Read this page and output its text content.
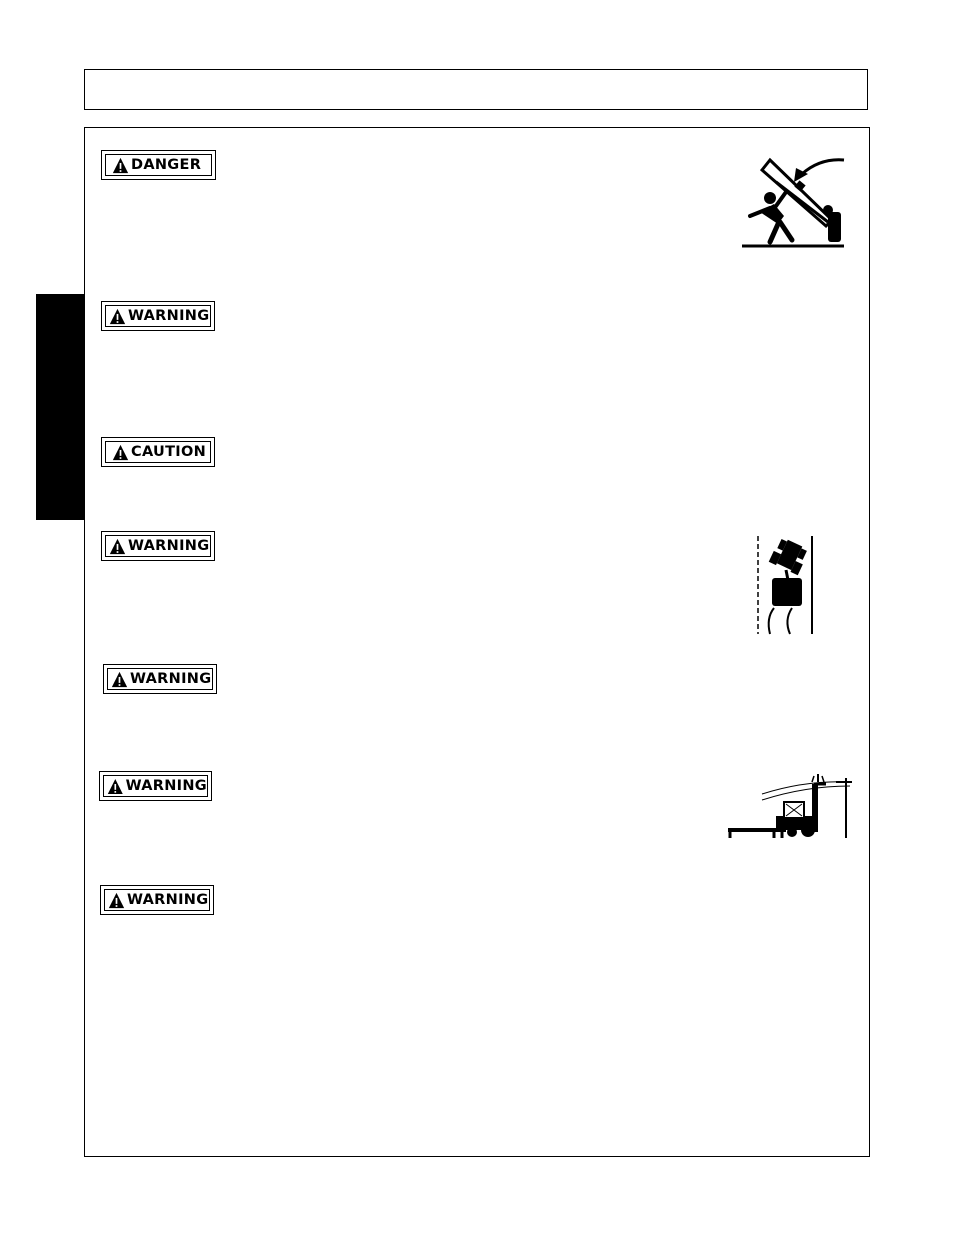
DANGER
WARNING
CAUTION
WARNING
WARNING
WARNING
WARNING
